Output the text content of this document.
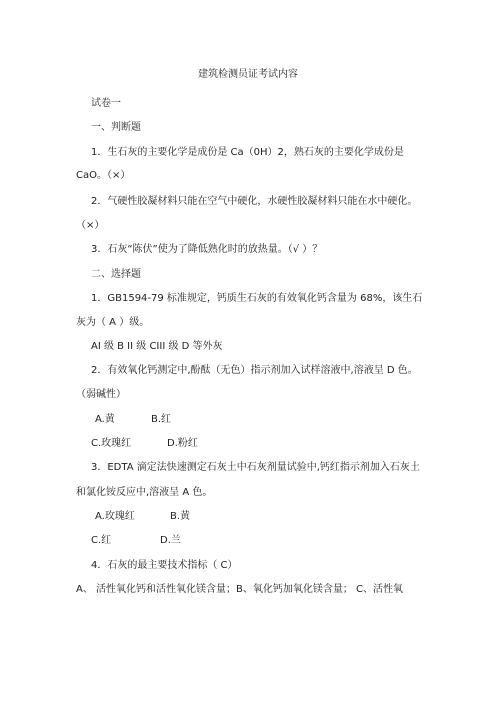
建筑检测员证考试内容
试卷一
一、判断题
1．生石灰的主要化学是成份是 Ca（0H）2，熟石灰的主要化学成份是
CaO。（×）
2．气硬性胶凝材料只能在空气中硬化，水硬性胶凝材料只能在水中硬化。
（×）
3．石灰“陈伏”使为了降低熟化时的放热量。（√ ）？
二、选择题
1．GB1594-79 标准规定，钙质生石灰的有效氧化钙含量为 68%，该生石
灰为（ A ）级。
AI 级 B II 级 CIII 级 D 等外灰
2．有效氧化钙测定中,酚酞（无色）指示剂加入试样溶液中,溶液呈 D 色。
（弱碱性）
A.黄	B.红
C.玫瑰红	D.粉红
3．EDTA 滴定法快速测定石灰土中石灰剂量试验中,钙红指示剂加入石灰土
和氯化铵反应中,溶液呈 A 色。
A.玫瑰红	B.黄
C.红	D.兰
4．石灰的最主要技术指标（ C）
A、 活性氧化钙和活性氧化镁含量；B、氧化钙加氧化镁含量； C、活性氧
